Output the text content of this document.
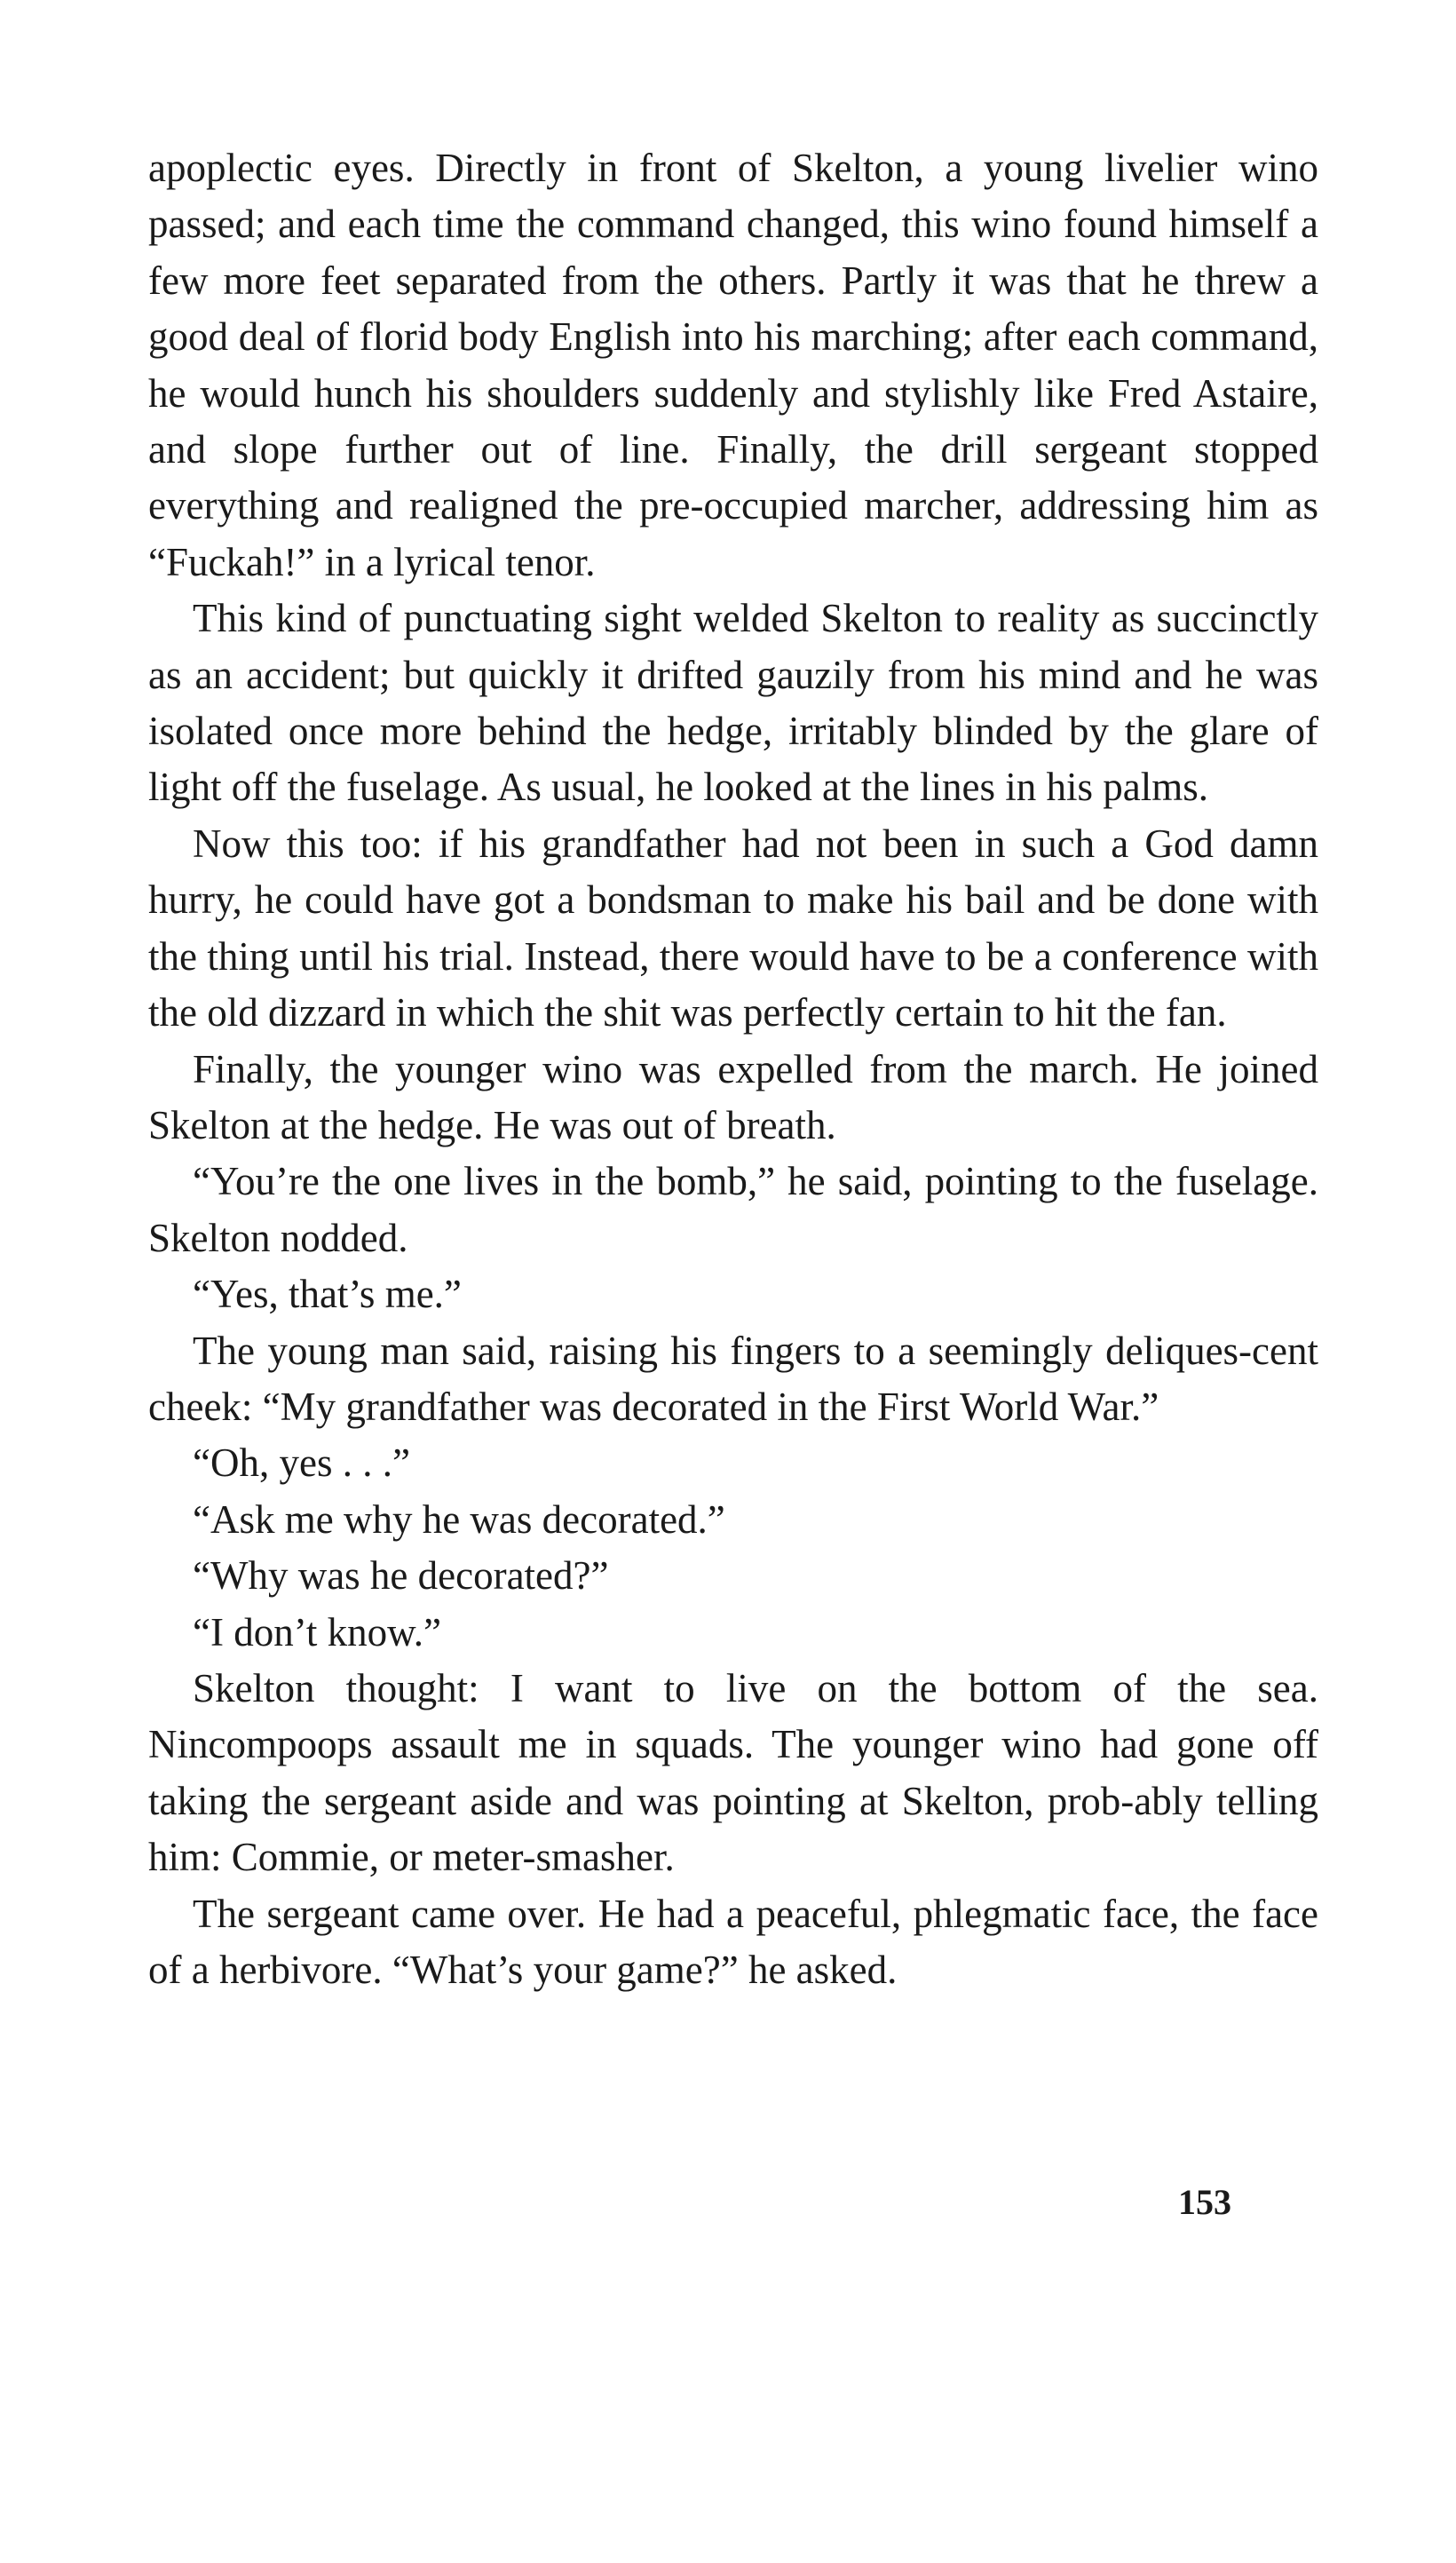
apoplectic eyes. Directly in front of Skelton, a young livelier wino passed; and each time the command changed, this wino found himself a few more feet separated from the others. Partly it was that he threw a good deal of florid body English into his marching; after each command, he would hunch his shoulders suddenly and stylishly like Fred Astaire, and slope further out of line. Finally, the drill sergeant stopped everything and realigned the pre-occupied marcher, addressing him as “Fuckah!” in a lyrical tenor.

This kind of punctuating sight welded Skelton to reality as succinctly as an accident; but quickly it drifted gauzily from his mind and he was isolated once more behind the hedge, irritably blinded by the glare of light off the fuselage. As usual, he looked at the lines in his palms.

Now this too: if his grandfather had not been in such a God damn hurry, he could have got a bondsman to make his bail and be done with the thing until his trial. Instead, there would have to be a conference with the old dizzard in which the shit was perfectly certain to hit the fan.

Finally, the younger wino was expelled from the march. He joined Skelton at the hedge. He was out of breath.

“You’re the one lives in the bomb,” he said, pointing to the fuselage. Skelton nodded.

“Yes, that’s me.”

The young man said, raising his fingers to a seemingly deliques-cent cheek: “My grandfather was decorated in the First World War.”

“Oh, yes . . .”

“Ask me why he was decorated.”

“Why was he decorated?”

“I don’t know.”

Skelton thought: I want to live on the bottom of the sea. Nincompoops assault me in squads. The younger wino had gone off taking the sergeant aside and was pointing at Skelton, prob-ably telling him: Commie, or meter-smasher.

The sergeant came over. He had a peaceful, phlegmatic face, the face of a herbivore. “What’s your game?” he asked.

153
